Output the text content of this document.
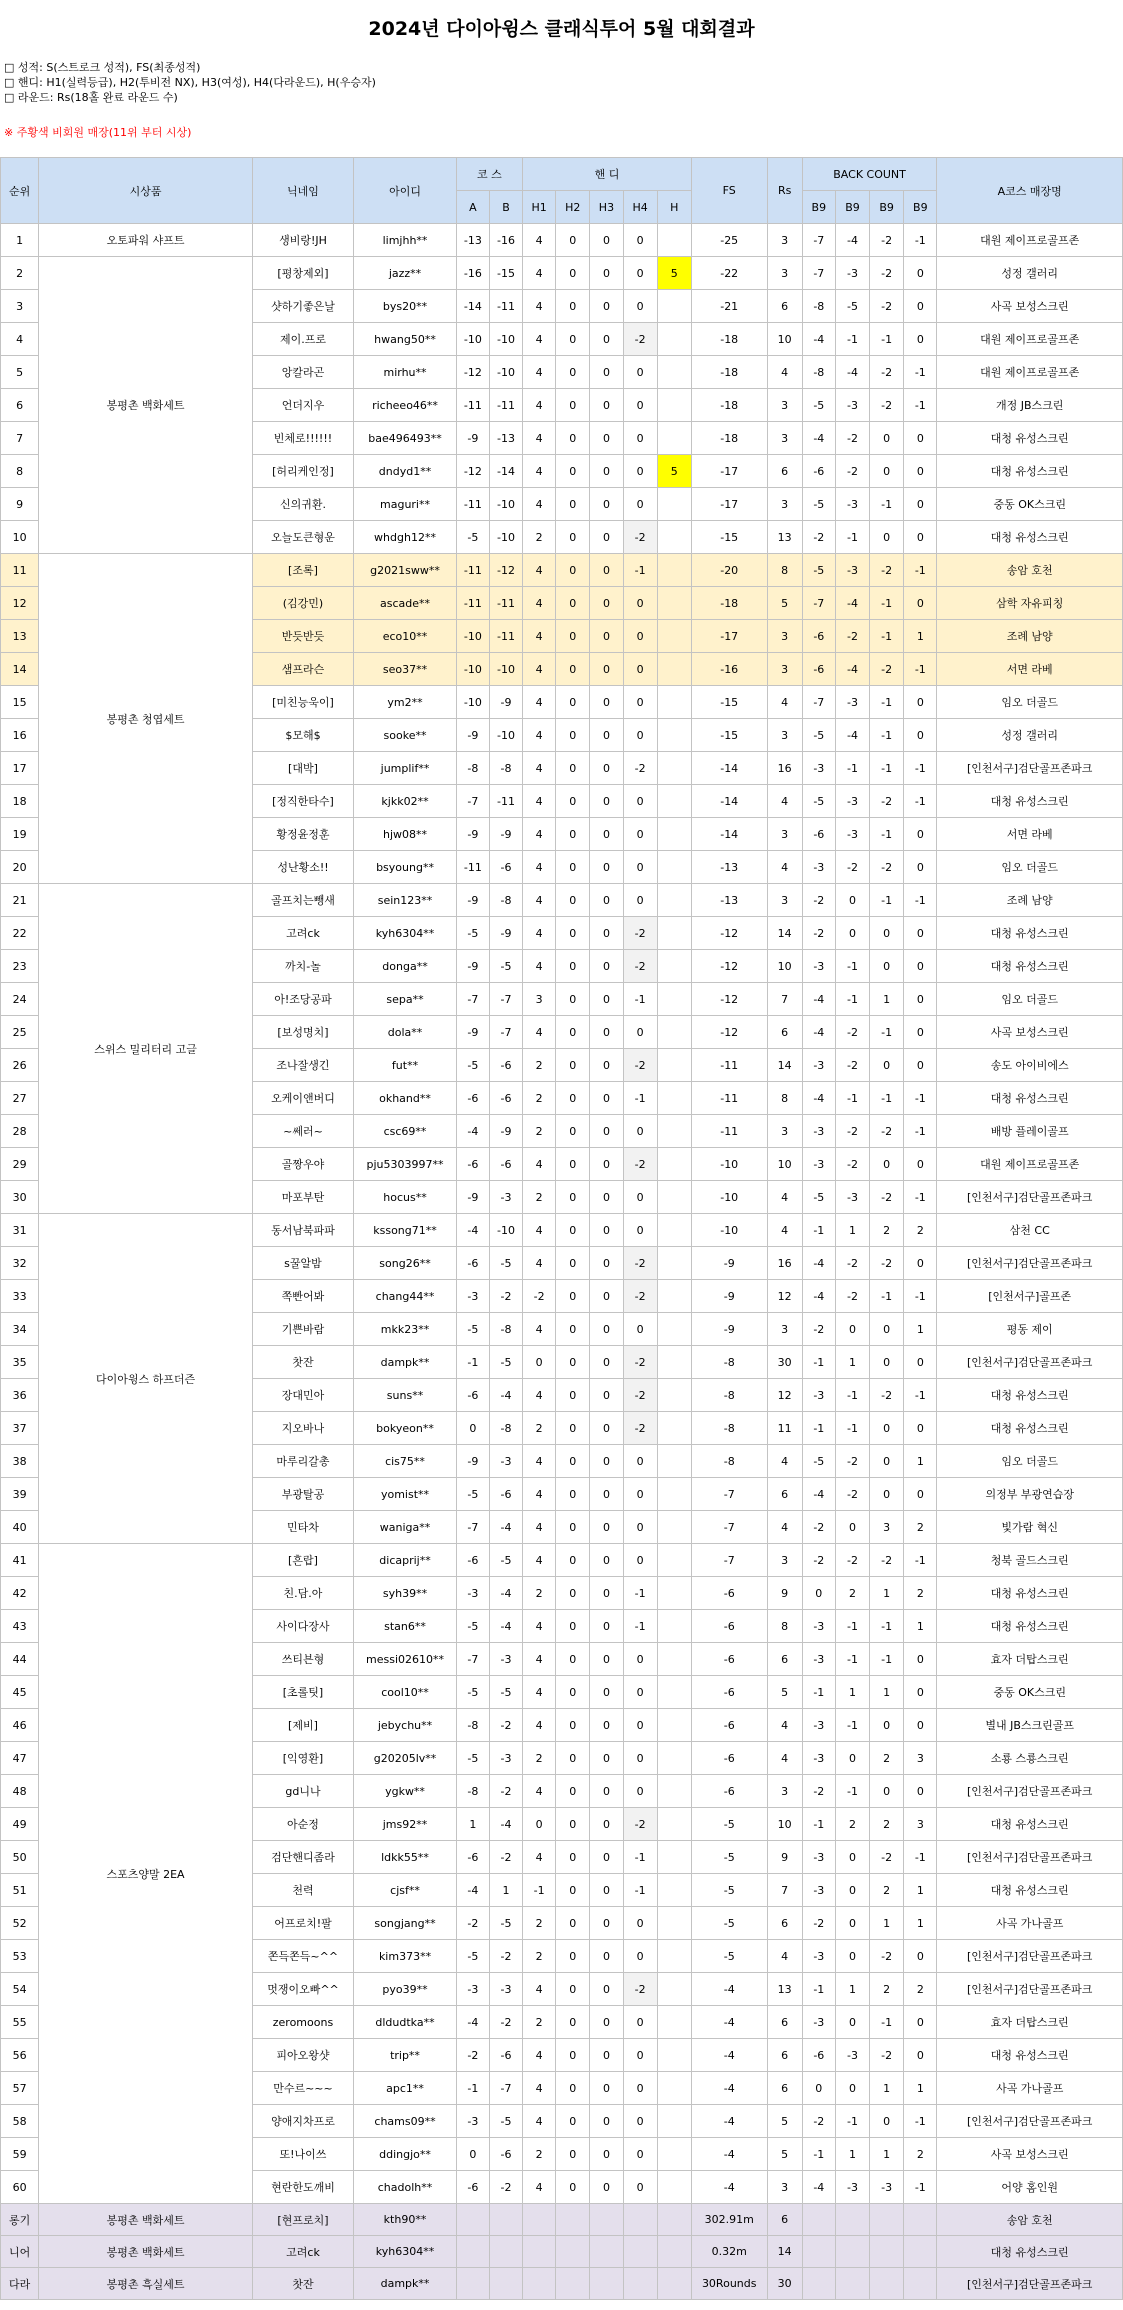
2024년 다이아윙스 클래식투어 5월 대회결과
□ 성적: S(스트로크 성적), FS(최종성적)
□ 핸디: H1(실력등급), H2(투비전 NX), H3(여성), H4(다라운드), H(우승자)
□ 라운드: Rs(18홀 완료 라운드 수)
※ 주황색 비회원 매장(11위 부터 시상)
순위	시상품	닉네임	아이디	코 스		핸 디					FS	Rs	BACK COUNT				A코스 매장명
				A	B	H1	H2	H3	H4	H			B9	B9	B9	B9	
1	오토파워 샤프트	생비랑!JH	limjhh**	-13	-16	4	0	0	0		-25	3	-7	-4	-2	-1	대원 제이프로골프존
2	봉평촌 백화세트	[평창제외]	jazz**	-16	-15	4	0	0	0	5	-22	3	-7	-3	-2	0	성정 갤러리
3		샷하기좋은날	bys20**	-14	-11	4	0	0	0		-21	6	-8	-5	-2	0	사곡 보성스크린
4		제이.프로	hwang50**	-10	-10	4	0	0	-2		-18	10	-4	-1	-1	0	대원 제이프로골프존
5		앙칼라곤	mirhu**	-12	-10	4	0	0	0		-18	4	-8	-4	-2	-1	대원 제이프로골프존
6		언더지우	richeeo46**	-11	-11	4	0	0	0		-18	3	-5	-3	-2	-1	개정 JB스크린
7		빈체로!!!!!!	bae496493**	-9	-13	4	0	0	0		-18	3	-4	-2	0	0	대청 유성스크린
8		[허리케인정]	dndyd1**	-12	-14	4	0	0	0	5	-17	6	-6	-2	0	0	대청 유성스크린
9		신의귀환.	maguri**	-11	-10	4	0	0	0		-17	3	-5	-3	-1	0	중동 OK스크린
10		오늘도큰형운	whdgh12**	-5	-10	2	0	0	-2		-15	13	-2	-1	0	0	대청 유성스크린
11	봉평촌 청엽세트	[조록]	g2021sww**	-11	-12	4	0	0	-1		-20	8	-5	-3	-2	-1	송암 호천
12		(김강민)	ascade**	-11	-11	4	0	0	0		-18	5	-7	-4	-1	0	삼학 자유피칭
13		반듯반듯	eco10**	-10	-11	4	0	0	0		-17	3	-6	-2	-1	1	조례 남양
14		샘프라슨	seo37**	-10	-10	4	0	0	0		-16	3	-6	-4	-2	-1	서면 라베
15		[미친능욱이]	ym2**	-10	-9	4	0	0	0		-15	4	-7	-3	-1	0	임오 더골드
16		$모해$	sooke**	-9	-10	4	0	0	0		-15	3	-5	-4	-1	0	성정 갤러리
17		[대박]	jumplif**	-8	-8	4	0	0	-2		-14	16	-3	-1	-1	-1	[인천서구]검단골프존파크
18		[정직한타수]	kjkk02**	-7	-11	4	0	0	0		-14	4	-5	-3	-2	-1	대청 유성스크린
19		황정윤정훈	hjw08**	-9	-9	4	0	0	0		-14	3	-6	-3	-1	0	서면 라베
20		성난황소!!	bsyoung**	-11	-6	4	0	0	0		-13	4	-3	-2	-2	0	임오 더골드
21	스위스 밀리터리 고글	골프치는뺑새	sein123**	-9	-8	4	0	0	0		-13	3	-2	0	-1	-1	조례 남양
22		고려ck	kyh6304**	-5	-9	4	0	0	-2		-12	14	-2	0	0	0	대청 유성스크린
23		까치-놀	donga**	-9	-5	4	0	0	-2		-12	10	-3	-1	0	0	대청 유성스크린
24		아!조당공파	sepa**	-7	-7	3	0	0	-1		-12	7	-4	-1	1	0	임오 더골드
25		[보성명치]	dola**	-9	-7	4	0	0	0		-12	6	-4	-2	-1	0	사곡 보성스크린
26		조나잘생긴	fut**	-5	-6	2	0	0	-2		-11	14	-3	-2	0	0	송도 아이비에스
27		오케이앤버디	okhand**	-6	-6	2	0	0	-1		-11	8	-4	-1	-1	-1	대청 유성스크린
28		~쎄러~	csc69**	-4	-9	2	0	0	0		-11	3	-3	-2	-2	-1	배방 플레이골프
29		골짱우야	pju5303997**	-6	-6	4	0	0	-2		-10	10	-3	-2	0	0	대원 제이프로골프존
30		마포부탄	hocus**	-9	-3	2	0	0	0		-10	4	-5	-3	-2	-1	[인천서구]검단골프존파크
31	다이아윙스 하프더즌	동서남북파파	kssong71**	-4	-10	4	0	0	0		-10	4	-1	1	2	2	삼천 CC
32		s꿀알밤	song26**	-6	-5	4	0	0	-2		-9	16	-4	-2	-2	0	[인천서구]검단골프존파크
33		쪽빤어봐	chang44**	-3	-2	-2	0	0	-2		-9	12	-4	-2	-1	-1	[인천서구]골프존
34		기쁜바람	mkk23**	-5	-8	4	0	0	0		-9	3	-2	0	0	1	평동 제이
35		찻잔	dampk**	-1	-5	0	0	0	-2		-8	30	-1	1	0	0	[인천서구]검단골프존파크
36		장대민아	suns**	-6	-4	4	0	0	-2		-8	12	-3	-1	-2	-1	대청 유성스크린
37		지오바나	bokyeon**	0	-8	2	0	0	-2		-8	11	-1	-1	0	0	대청 유성스크린
38		마루리갈총	cis75**	-9	-3	4	0	0	0		-8	4	-5	-2	0	1	임오 더골드
39		부광탈공	yomist**	-5	-6	4	0	0	0		-7	6	-4	-2	0	0	의정부 부광연습장
40		민타차	waniga**	-7	-4	4	0	0	0		-7	4	-2	0	3	2	빛가람 혁신
41	스포츠양말 2EA	[흔랍]	dicaprij**	-6	-5	4	0	0	0		-7	3	-2	-2	-2	-1	청북 골드스크린
42		친.담.아	syh39**	-3	-4	2	0	0	-1		-6	9	0	2	1	2	대청 유성스크린
43		사이다장사	stan6**	-5	-4	4	0	0	-1		-6	8	-3	-1	-1	1	대청 유성스크린
44		쓰티븐형	messi02610**	-7	-3	4	0	0	0		-6	6	-3	-1	-1	0	효자 더탑스크린
45		[초롤팃]	cool10**	-5	-5	4	0	0	0		-6	5	-1	1	1	0	중동 OK스크린
46		[제비]	jebychu**	-8	-2	4	0	0	0		-6	4	-3	-1	0	0	별내 JB스크린골프
47		[익영환]	g20205lv**	-5	-3	2	0	0	0		-6	4	-3	0	2	3	소룡 스룡스크린
48		gd니나	ygkw**	-8	-2	4	0	0	0		-6	3	-2	-1	0	0	[인천서구]검단골프존파크
49		아순정	jms92**	1	-4	0	0	0	-2		-5	10	-1	2	2	3	대청 유성스크린
50		검단핸디좀라	ldkk55**	-6	-2	4	0	0	-1		-5	9	-3	0	-2	-1	[인천서구]검단골프존파크
51		천력	cjsf**	-4	1	-1	0	0	-1		-5	7	-3	0	2	1	대청 유성스크린
52		어프로치!팔	songjang**	-2	-5	2	0	0	0		-5	6	-2	0	1	1	사곡 가나골프
53		쫀득쫀득~^^	kim373**	-5	-2	2	0	0	0		-5	4	-3	0	-2	0	[인천서구]검단골프존파크
54		멋쟁이오빠^^	pyo39**	-3	-3	4	0	0	-2		-4	13	-1	1	2	2	[인천서구]검단골프존파크
55		zeromoons	dldudtka**	-4	-2	2	0	0	0		-4	6	-3	0	-1	0	효자 더탑스크린
56		피아오왕샷	trip**	-2	-6	4	0	0	0		-4	6	-6	-3	-2	0	대청 유성스크린
57		만수르~~~	apc1**	-1	-7	4	0	0	0		-4	6	0	0	1	1	사곡 가나골프
58		양애지차프로	chams09**	-3	-5	4	0	0	0		-4	5	-2	-1	0	-1	[인천서구]검단골프존파크
59		또!나이쓰	ddingjo**	0	-6	2	0	0	0		-4	5	-1	1	1	2	사곡 보성스크린
60		현란한도깨비	chadolh**	-6	-2	4	0	0	0		-4	3	-4	-3	-3	-1	어양 홈인원
롱기	봉평촌 백화세트	[현프로치]	kth90**								302.91m	6					송암 호천
니어	봉평촌 백화세트	고려ck	kyh6304**								0.32m	14					대청 유성스크린
다라	봉평촌 흑실세트	찻잔	dampk**								30Rounds	30					[인천서구]검단골프존파크
